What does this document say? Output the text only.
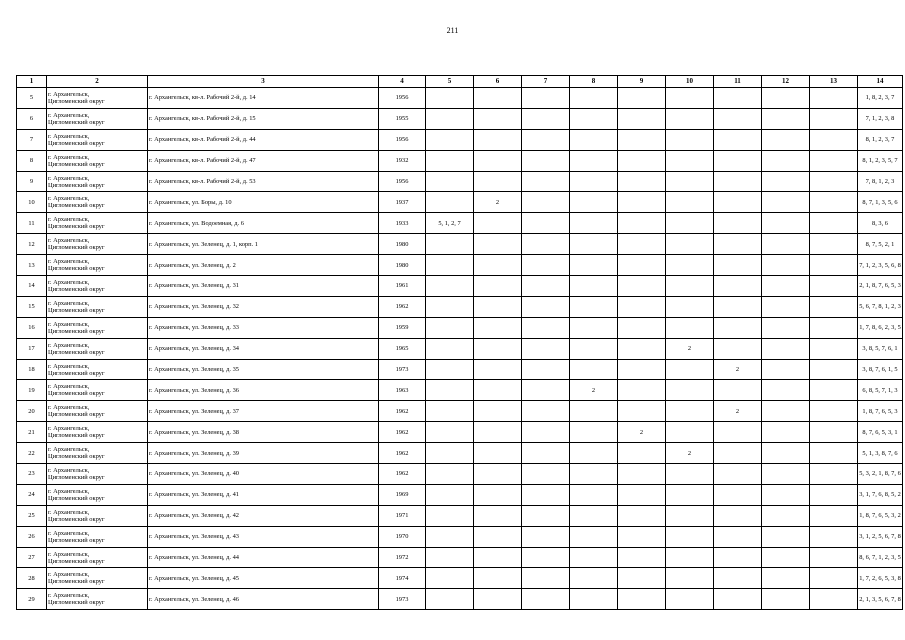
211
1	2	3	4	5	6	7	8	9	10	11	12	13	14
5	г. Архангельск,
Цигломенский округ	г. Архангельск, кв-л. Рабочий 2-й, д. 14	1956										1, 8, 2, 3, 7
6	г. Архангельск,
Цигломенский округ	г. Архангельск, кв-л. Рабочий 2-й, д. 15	1955										7, 1, 2, 3, 8
7	г. Архангельск,
Цигломенский округ	г. Архангельск, кв-л. Рабочий 2-й, д. 44	1956										8, 1, 2, 3, 7
8	г. Архангельск,
Цигломенский округ	г. Архангельск, кв-л. Рабочий 2-й, д. 47	1932										8, 1, 2, 3, 5, 7
9	г. Архангельск,
Цигломенский округ	г. Архангельск, кв-л. Рабочий 2-й, д. 53	1956										7, 8, 1, 2, 3
10	г. Архангельск,
Цигломенский округ	г. Архангельск, ул. Боры, д. 10	1937		2								8, 7, 1, 3, 5, 6
11	г. Архангельск,
Цигломенский округ	г. Архангельск, ул. Водоемная, д. 6	1933	5, 1, 2, 7									8, 3, 6
12	г. Архангельск,
Цигломенский округ	г. Архангельск, ул. Зеленец, д. 1, корп. 1	1980										8, 7, 5, 2, 1
13	г. Архангельск,
Цигломенский округ	г. Архангельск, ул. Зеленец, д. 2	1980										7, 1, 2, 3, 5, 6, 8
14	г. Архангельск,
Цигломенский округ	г. Архангельск, ул. Зеленец, д. 31	1961										2, 1, 8, 7, 6, 5, 3
15	г. Архангельск,
Цигломенский округ	г. Архангельск, ул. Зеленец, д. 32	1962										5, 6, 7, 8, 1, 2, 3
16	г. Архангельск,
Цигломенский округ	г. Архангельск, ул. Зеленец, д. 33	1959										1, 7, 8, 6, 2, 3, 5
17	г. Архангельск,
Цигломенский округ	г. Архангельск, ул. Зеленец, д. 34	1965						2				3, 8, 5, 7, 6, 1
18	г. Архангельск,
Цигломенский округ	г. Архангельск, ул. Зеленец, д. 35	1973							2			3, 8, 7, 6, 1, 5
19	г. Архангельск,
Цигломенский округ	г. Архангельск, ул. Зеленец, д. 36	1963				2						6, 8, 5, 7, 1, 3
20	г. Архангельск,
Цигломенский округ	г. Архангельск, ул. Зеленец, д. 37	1962							2			1, 8, 7, 6, 5, 3
21	г. Архангельск,
Цигломенский округ	г. Архангельск, ул. Зеленец, д. 38	1962					2					8, 7, 6, 5, 3, 1
22	г. Архангельск,
Цигломенский округ	г. Архангельск, ул. Зеленец, д. 39	1962						2				5, 1, 3, 8, 7, 6
23	г. Архангельск,
Цигломенский округ	г. Архангельск, ул. Зеленец, д. 40	1962										5, 3, 2, 1, 8, 7, 6
24	г. Архангельск,
Цигломенский округ	г. Архангельск, ул. Зеленец, д. 41	1969										3, 1, 7, 6, 8, 5, 2
25	г. Архангельск,
Цигломенский округ	г. Архангельск, ул. Зеленец, д. 42	1971										1, 8, 7, 6, 5, 3, 2
26	г. Архангельск,
Цигломенский округ	г. Архангельск, ул. Зеленец, д. 43	1970										3, 1, 2, 5, 6, 7, 8
27	г. Архангельск,
Цигломенский округ	г. Архангельск, ул. Зеленец, д. 44	1972										8, 6, 7, 1, 2, 3, 5
28	г. Архангельск,
Цигломенский округ	г. Архангельск, ул. Зеленец, д. 45	1974										1, 7, 2, 6, 5, 3, 8
29	г. Архангельск,
Цигломенский округ	г. Архангельск, ул. Зеленец, д. 46	1973										2, 1, 3, 5, 6, 7, 8
